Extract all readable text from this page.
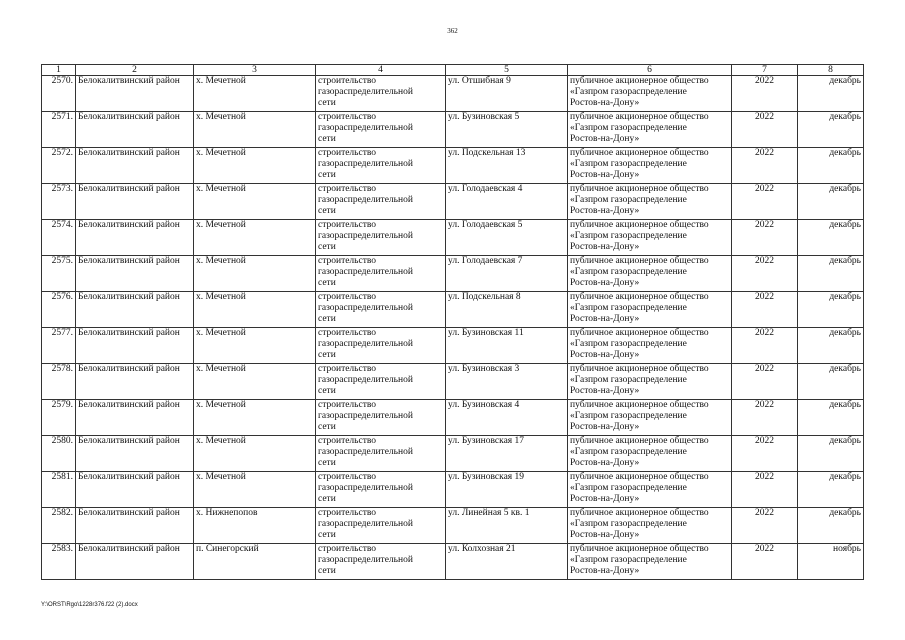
362
1	2	3	4	5	6	7	8
2570.	Белокалитвинский район	х. Мечетной	строительство
газораспределительной
сети	ул. Отшибная 9	публичное акционерное общество
«Газпром газораспределение
Ростов-на-Дону»	2022	декабрь
2571.	Белокалитвинский район	х. Мечетной	строительство
газораспределительной
сети	ул. Бузиновская 5	публичное акционерное общество
«Газпром газораспределение
Ростов-на-Дону»	2022	декабрь
2572.	Белокалитвинский район	х. Мечетной	строительство
газораспределительной
сети	ул. Подскельная 13	публичное акционерное общество
«Газпром газораспределение
Ростов-на-Дону»	2022	декабрь
2573.	Белокалитвинский район	х. Мечетной	строительство
газораспределительной
сети	ул. Голодаевская 4	публичное акционерное общество
«Газпром газораспределение
Ростов-на-Дону»	2022	декабрь
2574.	Белокалитвинский район	х. Мечетной	строительство
газораспределительной
сети	ул. Голодаевская 5	публичное акционерное общество
«Газпром газораспределение
Ростов-на-Дону»	2022	декабрь
2575.	Белокалитвинский район	х. Мечетной	строительство
газораспределительной
сети	ул. Голодаевская 7	публичное акционерное общество
«Газпром газораспределение
Ростов-на-Дону»	2022	декабрь
2576.	Белокалитвинский район	х. Мечетной	строительство
газораспределительной
сети	ул. Подскельная 8	публичное акционерное общество
«Газпром газораспределение
Ростов-на-Дону»	2022	декабрь
2577.	Белокалитвинский район	х. Мечетной	строительство
газораспределительной
сети	ул. Бузиновская 11	публичное акционерное общество
«Газпром газораспределение
Ростов-на-Дону»	2022	декабрь
2578.	Белокалитвинский район	х. Мечетной	строительство
газораспределительной
сети	ул. Бузиновская 3	публичное акционерное общество
«Газпром газораспределение
Ростов-на-Дону»	2022	декабрь
2579.	Белокалитвинский район	х. Мечетной	строительство
газораспределительной
сети	ул. Бузиновская 4	публичное акционерное общество
«Газпром газораспределение
Ростов-на-Дону»	2022	декабрь
2580.	Белокалитвинский район	х. Мечетной	строительство
газораспределительной
сети	ул. Бузиновская 17	публичное акционерное общество
«Газпром газораспределение
Ростов-на-Дону»	2022	декабрь
2581.	Белокалитвинский район	х. Мечетной	строительство
газораспределительной
сети	ул. Бузиновская 19	публичное акционерное общество
«Газпром газораспределение
Ростов-на-Дону»	2022	декабрь
2582.	Белокалитвинский район	х. Нижнепопов	строительство
газораспределительной
сети	ул. Линейная 5 кв. 1	публичное акционерное общество
«Газпром газораспределение
Ростов-на-Дону»	2022	декабрь
2583.	Белокалитвинский район	п. Синегорский	строительство
газораспределительной
сети	ул. Колхозная 21	публичное акционерное общество
«Газпром газораспределение
Ростов-на-Дону»	2022	ноябрь
Y:\ORST\Rgo\1228r376.f22 (2).docx
